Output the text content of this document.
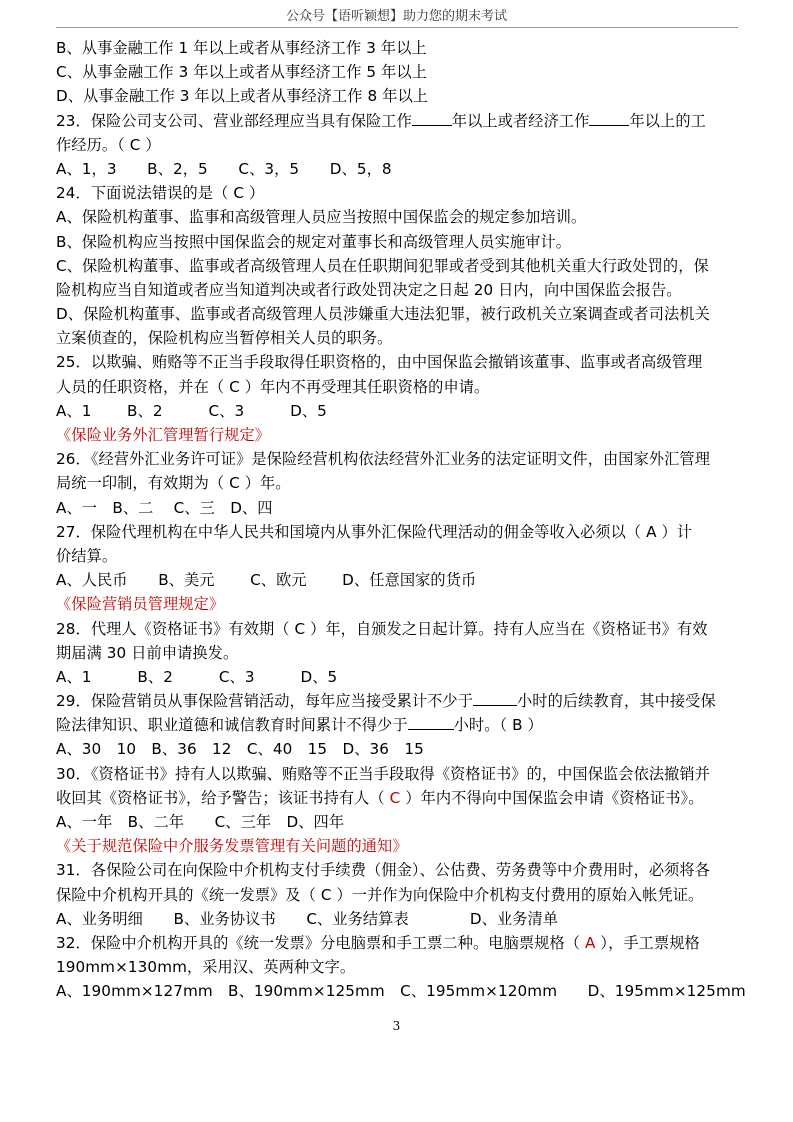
公众号【语听颖想】助力您的期末考试
B、从事金融工作 1 年以上或者从事经济工作 3 年以上
C、从事金融工作 3 年以上或者从事经济工作 5 年以上
D、从事金融工作 3 年以上或者从事经济工作 8 年以上
23．保险公司支公司、营业部经理应当具有保险工作	年以上或者经济工作	年以上的工
作经历。（ C ）
A、1，3　　B、2，5　　C、3，5　　D、5，8
24．下面说法错误的是（ C ）
A、保险机构董事、监事和高级管理人员应当按照中国保监会的规定参加培训。
B、保险机构应当按照中国保监会的规定对董事长和高级管理人员实施审计。
C、保险机构董事、监事或者高级管理人员在任职期间犯罪或者受到其他机关重大行政处罚的，保
险机构应当自知道或者应当知道判决或者行政处罚决定之日起 20 日内，向中国保监会报告。
D、保险机构董事、监事或者高级管理人员涉嫌重大违法犯罪，被行政机关立案调查或者司法机关
立案侦查的，保险机构应当暂停相关人员的职务。
25．以欺骗、贿赂等不正当手段取得任职资格的，由中国保监会撤销该董事、监事或者高级管理
人员的任职资格，并在（ C ）年内不再受理其任职资格的申请。
A、1　　 B、2　　　C、3　　　D、5
《保险业务外汇管理暂行规定》
26．《经营外汇业务许可证》是保险经营机构依法经营外汇业务的法定证明文件，由国家外汇管理
局统一印制，有效期为（ C ）年。
A、一　B、二　 C、三　D、四
27．保险代理机构在中华人民共和国境内从事外汇保险代理活动的佣金等收入必须以（ A ）计
价结算。
A、人民币　　B、美元　　 C、欧元　　 D、任意国家的货币
《保险营销员管理规定》
28．代理人《资格证书》有效期（ C ）年，自颁发之日起计算。持有人应当在《资格证书》有效
期届满 30 日前申请换发。
A、1　　　B、2　　　C、3　　　D、5
29．保险营销员从事保险营销活动，每年应当接受累计不少于	小时的后续教育，其中接受保
险法律知识、职业道德和诚信教育时间累计不得少于	小时。（ B ）
A、30　10　B、36　12　C、40　15　D、36　15
30．《资格证书》持有人以欺骗、贿赂等不正当手段取得《资格证书》的，中国保监会依法撤销并
收回其《资格证书》，给予警告；该证书持有人（ C ）年内不得向中国保监会申请《资格证书》。
A、一年　B、二年　　C、三年　D、四年
《关于规范保险中介服务发票管理有关问题的通知》
31．各保险公司在向保险中介机构支付手续费（佣金）、公估费、劳务费等中介费用时，必须将各
保险中介机构开具的《统一发票》及（ C ）一并作为向保险中介机构支付费用的原始入帐凭证。
A、业务明细　　B、业务协议书　　C、业务结算表　　　　D、业务清单
32．保险中介机构开具的《统一发票》分电脑票和手工票二种。电脑票规格（ A ），手工票规格
190mm×130mm，采用汉、英两种文字。
A、190mm×127mm　B、190mm×125mm　C、195mm×120mm　　D、195mm×125mm
3
